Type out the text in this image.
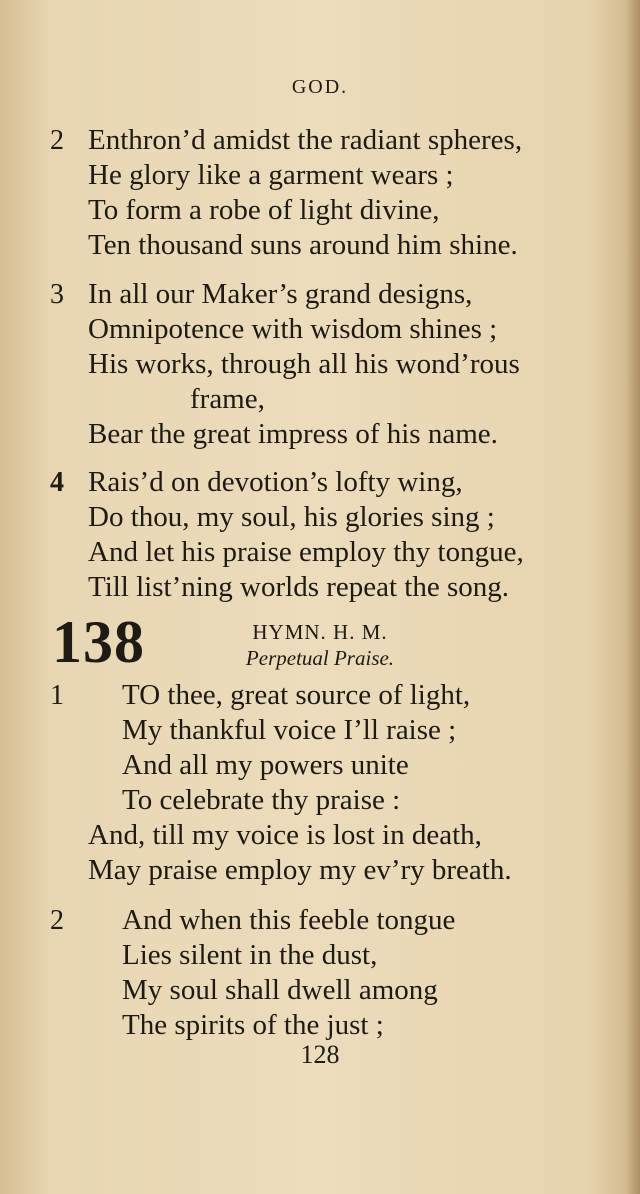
GOD.
2 Enthron’d amidst the radiant spheres,
He glory like a garment wears ;
To form a robe of light divine,
Ten thousand suns around him shine.
3 In all our Maker’s grand designs,
Omnipotence with wisdom shines ;
His works, through all his wond’rous
frame,
Bear the great impress of his name.
4 Rais’d on devotion’s lofty wing,
Do thou, my soul, his glories sing ;
And let his praise employ thy tongue,
Till list’ning worlds repeat the song.
138	HYMN. H. M.
Perpetual Praise.
1 TO thee, great source of light,
My thankful voice I’ll raise ;
And all my powers unite
To celebrate thy praise :
And, till my voice is lost in death,
May praise employ my ev’ry breath.
2 And when this feeble tongue
Lies silent in the dust,
My soul shall dwell among
The spirits of the just ;
128
